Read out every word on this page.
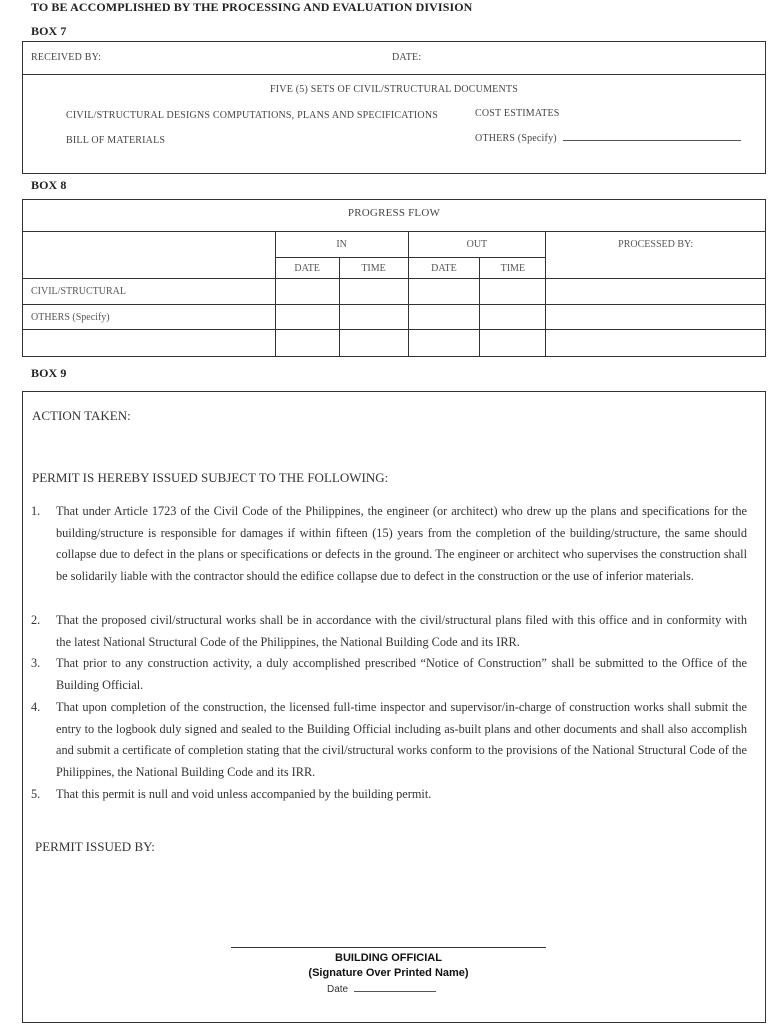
TO BE ACCOMPLISHED BY THE PROCESSING AND EVALUATION DIVISION
BOX 7
RECEIVED BY:	DATE:
FIVE (5) SETS OF CIVIL/STRUCTURAL DOCUMENTS
CIVIL/STRUCTURAL DESIGNS COMPUTATIONS, PLANS AND SPECIFICATIONS	COST ESTIMATES
BILL OF MATERIALS	OTHERS (Specify)
BOX 8
PROGRESS FLOW
	IN		OUT		PROCESSED BY:
	DATE	TIME	DATE	TIME	
CIVIL/STRUCTURAL					
OTHERS (Specify)					

BOX 9
ACTION TAKEN:
PERMIT IS HEREBY ISSUED SUBJECT TO THE FOLLOWING:
1. That under Article 1723 of the Civil Code of the Philippines, the engineer (or architect) who drew up the plans and specifications for the building/structure is responsible for damages if within fifteen (15) years from the completion of the building/structure, the same should collapse due to defect in the plans or specifications or defects in the ground. The engineer or architect who supervises the construction shall be solidarily liable with the contractor should the edifice collapse due to defect in the construction or the use of inferior materials.
2. That the proposed civil/structural works shall be in accordance with the civil/structural plans filed with this office and in conformity with the latest National Structural Code of the Philippines, the National Building Code and its IRR.
3. That prior to any construction activity, a duly accomplished prescribed “Notice of Construction” shall be submitted to the Office of the Building Official.
4. That upon completion of the construction, the licensed full-time inspector and supervisor/in-charge of construction works shall submit the entry to the logbook duly signed and sealed to the Building Official including as-built plans and other documents and shall also accomplish and submit a certificate of completion stating that the civil/structural works conform to the provisions of the National Structural Code of the Philippines, the National Building Code and its IRR.
5. That this permit is null and void unless accompanied by the building permit.
PERMIT ISSUED BY:
BUILDING OFFICIAL
(Signature Over Printed Name)
Date
